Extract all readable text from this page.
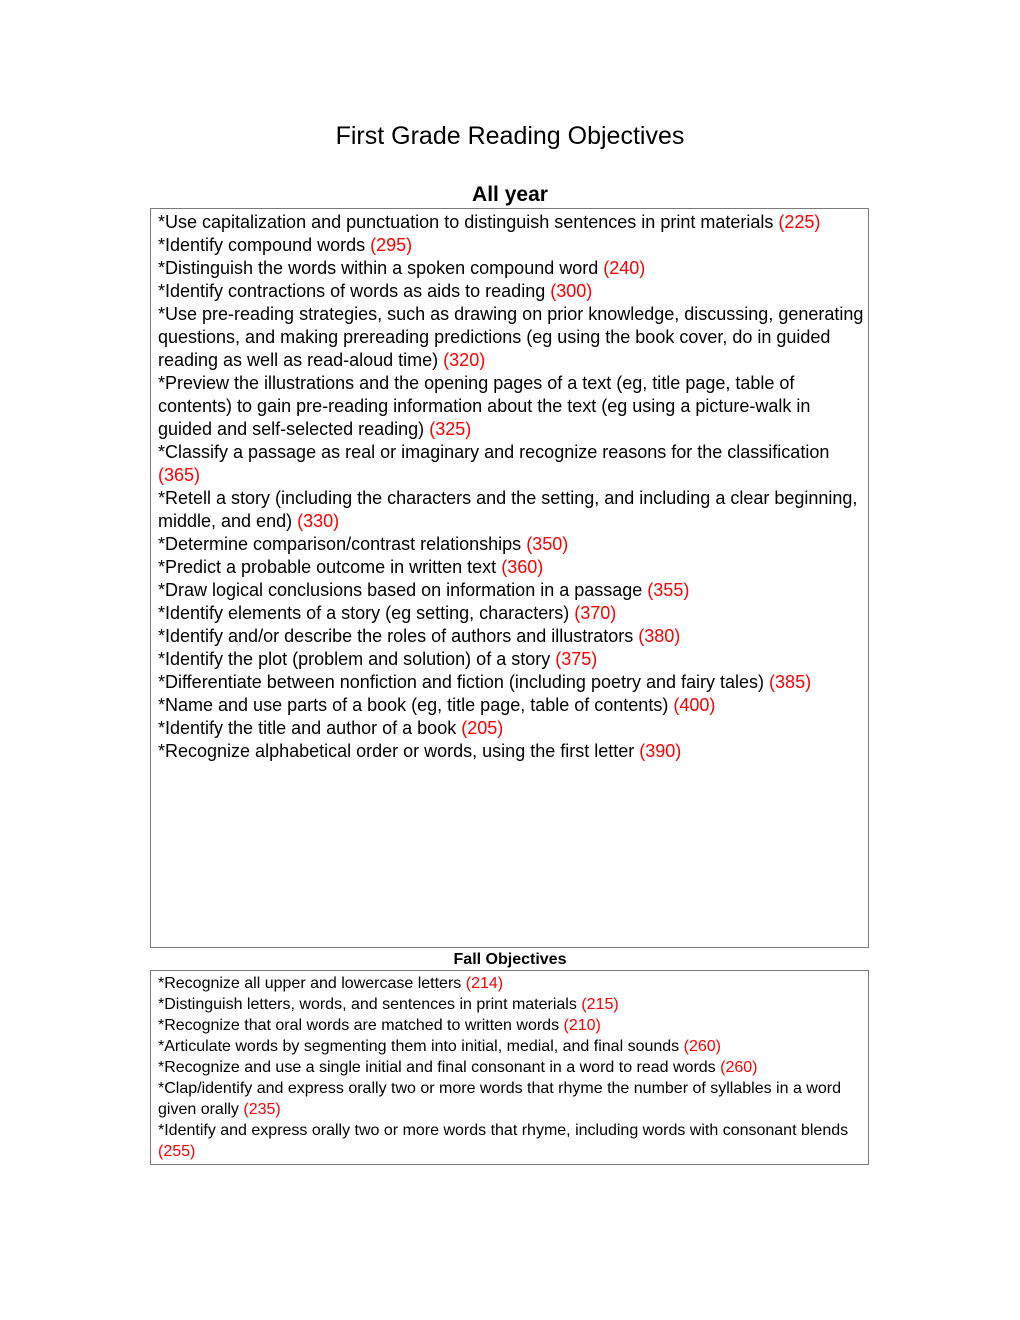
First Grade Reading Objectives
All year
*Use capitalization and punctuation to distinguish sentences in print materials (225)
*Identify compound words (295)
*Distinguish the words within a spoken compound word (240)
*Identify contractions of words as aids to reading (300)
*Use pre-reading strategies, such as drawing on prior knowledge, discussing, generating questions, and making prereading predictions (eg using the book cover, do in guided reading as well as read-aloud time) (320)
*Preview the illustrations and the opening pages of a text (eg, title page, table of contents) to gain pre-reading information about the text (eg using a picture-walk in guided and self-selected reading) (325)
*Classify a passage as real or imaginary and recognize reasons for the classification (365)
*Retell a story (including the characters and the setting, and including a clear beginning, middle, and end) (330)
*Determine comparison/contrast relationships (350)
*Predict a probable outcome in written text (360)
*Draw logical conclusions based on information in a passage (355)
*Identify elements of a story (eg setting, characters) (370)
*Identify and/or describe the roles of authors and illustrators (380)
*Identify the plot (problem and solution) of a story (375)
*Differentiate between nonfiction and fiction (including poetry and fairy tales) (385)
*Name and use parts of a book (eg, title page, table of contents) (400)
*Identify the title and author of a book (205)
*Recognize alphabetical order or words, using the first letter (390)
Fall Objectives
*Recognize all upper and lowercase letters (214)
*Distinguish letters, words, and sentences in print materials (215)
*Recognize that oral words are matched to written words (210)
*Articulate words by segmenting them into initial, medial, and final sounds (260)
*Recognize and use a single initial and final consonant in a word to read words (260)
*Clap/identify and express orally two or more words that rhyme the number of syllables in a word given orally (235)
*Identify and express orally two or more words that rhyme, including words with consonant blends (255)
